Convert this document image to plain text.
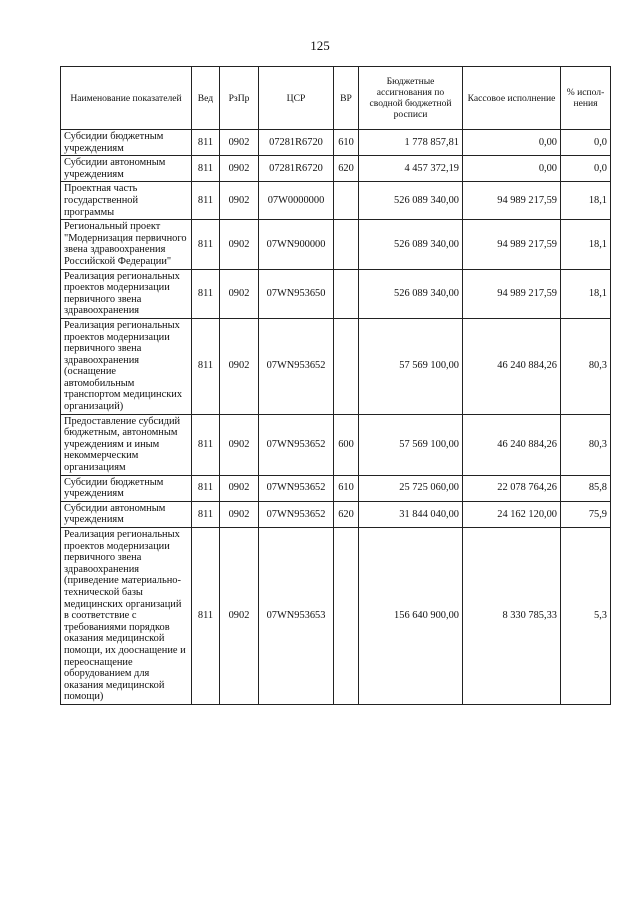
125
Наименование показателей	Вед	РзПр	ЦСР	ВР	Бюджетные ассигнования по сводной бюджетной росписи	Кассовое исполнение	% испол-нения
Субсидии бюджетным учреждениям	811	0902	07281R6720	610	1 778 857,81	0,00	0,0
Субсидии автономным учреждениям	811	0902	07281R6720	620	4 457 372,19	0,00	0,0
Проектная часть государственной программы	811	0902	07W0000000		526 089 340,00	94 989 217,59	18,1
Региональный проект "Модернизация первичного звена здравоохранения Российской Федерации"	811	0902	07WN900000		526 089 340,00	94 989 217,59	18,1
Реализация региональных проектов модернизации первичного звена здравоохранения	811	0902	07WN953650		526 089 340,00	94 989 217,59	18,1
Реализация региональных проектов модернизации первичного звена здравоохранения (оснащение автомобильным транспортом медицинских организаций)	811	0902	07WN953652		57 569 100,00	46 240 884,26	80,3
Предоставление субсидий бюджетным, автономным учреждениям и иным некоммерческим организациям	811	0902	07WN953652	600	57 569 100,00	46 240 884,26	80,3
Субсидии бюджетным учреждениям	811	0902	07WN953652	610	25 725 060,00	22 078 764,26	85,8
Субсидии автономным учреждениям	811	0902	07WN953652	620	31 844 040,00	24 162 120,00	75,9
Реализация региональных проектов модернизации первичного звена здравоохранения (приведение материально-технической базы медицинских организаций в соответствие с требованиями порядков оказания медицинской помощи, их дооснащение и переоснащение оборудованием для оказания медицинской помощи)	811	0902	07WN953653		156 640 900,00	8 330 785,33	5,3
